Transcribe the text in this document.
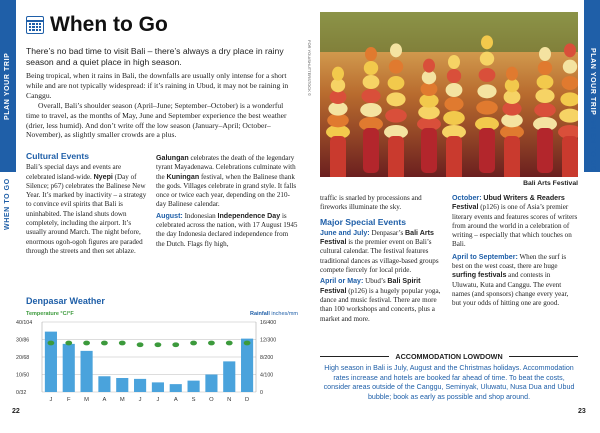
PLAN YOUR TRIP
WHEN TO GO
PLAN YOUR TRIP
WHEN TO GO
When to Go

There’s no bad time to visit Bali – there’s always a dry place in rainy season and a quiet place in high season.

Being tropical, when it rains in Bali, the downfalls are usually only intense for a short while and are not typically widespread: if it’s raining in Ubud, it may not be raining in Canggu.

Overall, Bali’s shoulder season (April–June; September–October) is a wonderful time to travel, as the months of May, June and September experience the best weather (drier, less humid). And don’t write off the low season (January–April; October–November), as slightly smaller crowds are a plus.

Cultural Events

Bali’s special days and events are celebrated island-wide. Nyepi (Day of Silence; p67) celebrates the Balinese New Year. It’s marked by inactivity – a strategy to convince evil spirits that Bali is uninhabited. The island shuts down completely, including the airport. It’s usually around March. The night before, enormous ogoh-ogoh figures are paraded through the streets and then set ablaze.

Galungan celebrates the death of the legendary tyrant Mayadenawa. Celebrations culminate with the Kuningan festival, when the Balinese thank the gods. Villages celebrate in grand style. It falls once or twice each year, depending on the 210-day Balinese calendar.

August: Indonesian Independence Day is celebrated across the nation, with 17 August 1945 the day Indonesia declared independence from the Dutch. Flags fly high,

Denpasar Weather
Temperature °C/°F	Rainfall inches/mm
40/104	16/400
30/86	12/300
20/68	8/200
10/50	4/100
0/32	0
J	F M A M J	J A S O N D
22	23
FOR YOU/SHUTTERSTOCK ©
Bali Arts Festival

traffic is snarled by processions and fireworks illuminate the sky.

Major Special Events

June and July: Denpasar’s Bali Arts Festival is the premier event on Bali’s cultural calendar. The festival features traditional dances as village-based groups compete fiercely for local pride.

April or May: Ubud’s Bali Spirit Festival (p126) is a hugely popular yoga, dance and music festival. There are more than 100 workshops and concerts, plus a market and more.

October: Ubud Writers & Readers Festival (p126) is one of Asia’s premier literary events and features scores of writers from around the world in a celebration of writing – especially that which touches on Bali.

April to September: When the surf is best on the west coast, there are huge surfing festivals and contests in Uluwatu, Kuta and Canggu. The event names (and sponsors) change every year, but your odds of hitting one are good.

ACCOMMODATION LOWDOWN

High season in Bali is July, August and the Christmas holidays. Accommodation rates increase and hotels are booked far ahead of time. To beat the costs, consider areas outside of the Canggu, Seminyak, Uluwatu, Nusa Dua and Ubud bubble; book as early as possible and shop around.
